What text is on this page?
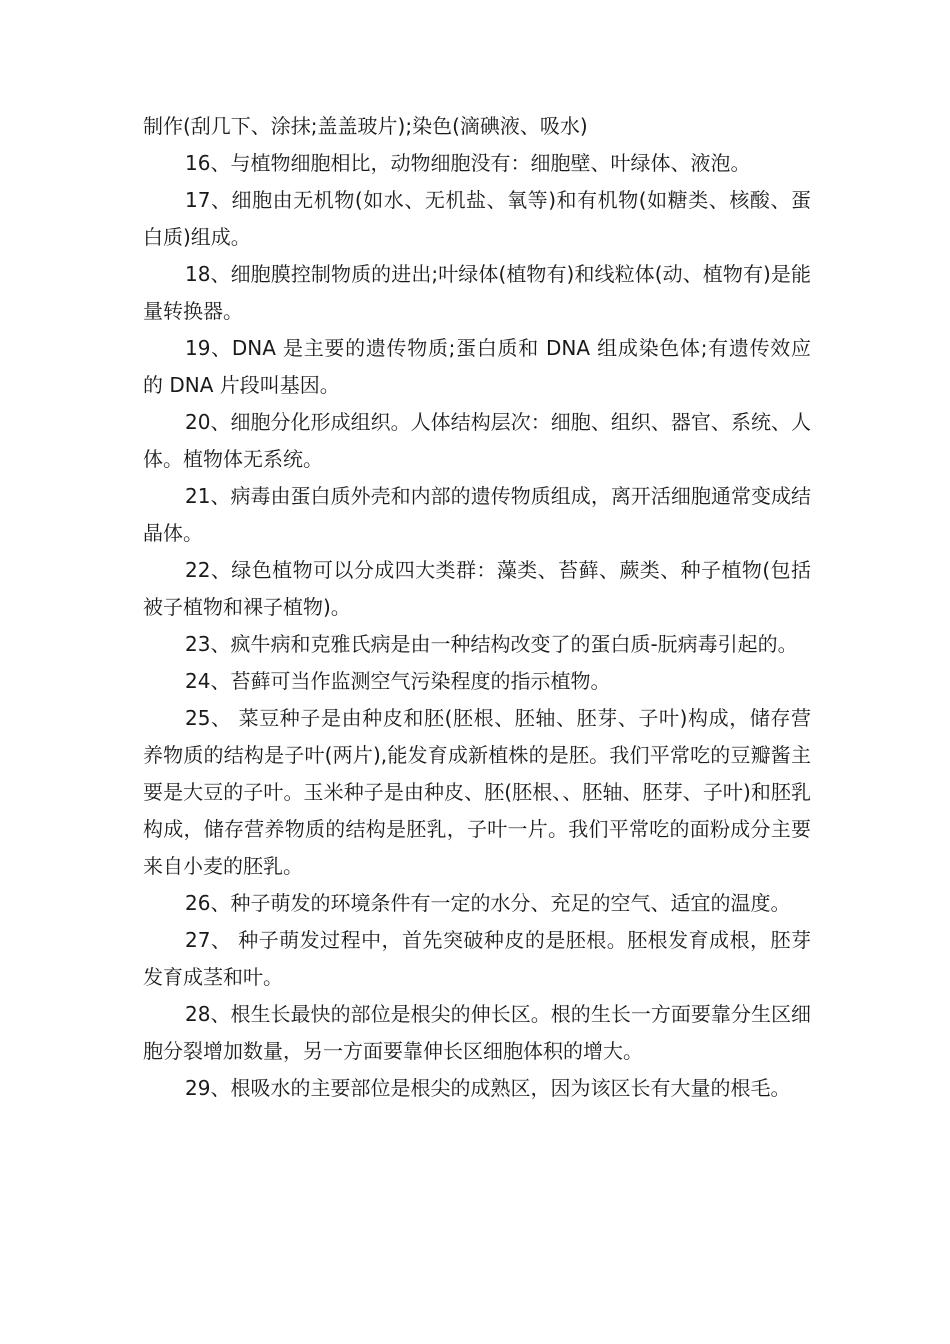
制作(刮几下、涂抹;盖盖玻片);染色(滴碘液、吸水)

16、与植物细胞相比，动物细胞没有：细胞壁、叶绿体、液泡。

17、细胞由无机物(如水、无机盐、氧等)和有机物(如糖类、核酸、蛋白质)组成。

18、细胞膜控制物质的进出;叶绿体(植物有)和线粒体(动、植物有)是能量转换器。

19、DNA 是主要的遗传物质;蛋白质和 DNA 组成染色体;有遗传效应的 DNA 片段叫基因。

20、细胞分化形成组织。人体结构层次：细胞、组织、器官、系统、人体。植物体无系统。

21、病毒由蛋白质外壳和内部的遗传物质组成，离开活细胞通常变成结晶体。

22、绿色植物可以分成四大类群：藻类、苔藓、蕨类、种子植物(包括被子植物和裸子植物)。

23、疯牛病和克雅氏病是由一种结构改变了的蛋白质-朊病毒引起的。

24、苔藓可当作监测空气污染程度的指示植物。

25、 菜豆种子是由种皮和胚(胚根、胚轴、胚芽、子叶)构成，储存营养物质的结构是子叶(两片),能发育成新植株的是胚。我们平常吃的豆瓣酱主要是大豆的子叶。玉米种子是由种皮、胚(胚根、、胚轴、胚芽、子叶)和胚乳构成，储存营养物质的结构是胚乳，子叶一片。我们平常吃的面粉成分主要来自小麦的胚乳。

26、种子萌发的环境条件有一定的水分、充足的空气、适宜的温度。

27、 种子萌发过程中，首先突破种皮的是胚根。胚根发育成根，胚芽发育成茎和叶。

28、根生长最快的部位是根尖的伸长区。根的生长一方面要靠分生区细胞分裂增加数量，另一方面要靠伸长区细胞体积的增大。

29、根吸水的主要部位是根尖的成熟区，因为该区长有大量的根毛。
